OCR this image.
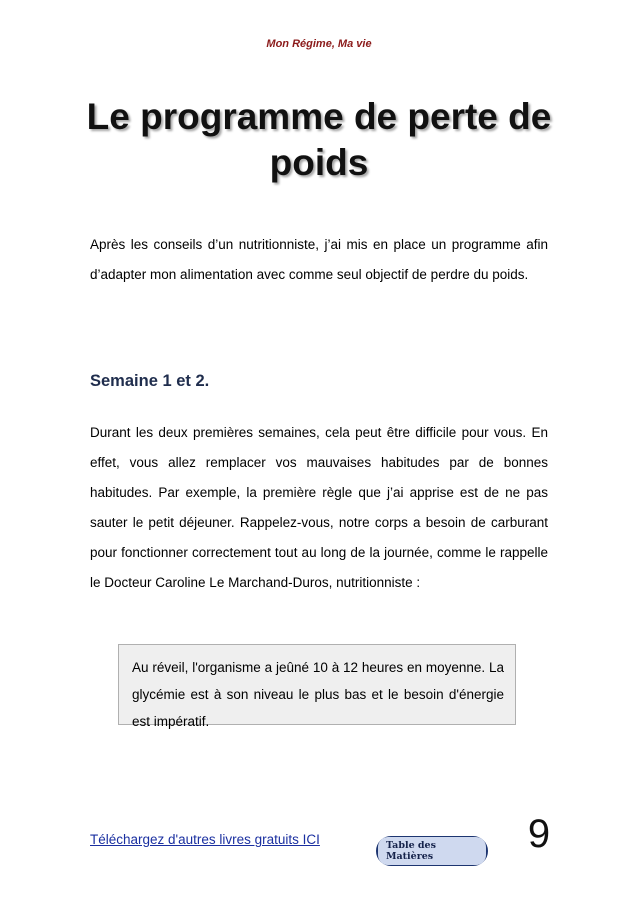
Mon Régime, Ma vie
Le programme de perte de poids

Après les conseils d’un nutritionniste, j’ai mis en place un programme afin d’adapter mon alimentation avec comme seul objectif de perdre du poids.

Semaine 1 et 2.

Durant les deux premières semaines, cela peut être difficile pour vous. En effet, vous allez remplacer vos mauvaises habitudes par de bonnes habitudes. Par exemple, la première règle que j’ai apprise est de ne pas sauter le petit déjeuner. Rappelez-vous, notre corps a besoin de carburant pour fonctionner correctement tout au long de la journée, comme le rappelle le Docteur Caroline Le Marchand-Duros, nutritionniste :

Au réveil, l'organisme a jeûné 10 à 12 heures en moyenne. La glycémie est à son niveau le plus bas et le besoin d'énergie est impératif.

Téléchargez d'autres livres gratuits ICI	Table des Matières
9
